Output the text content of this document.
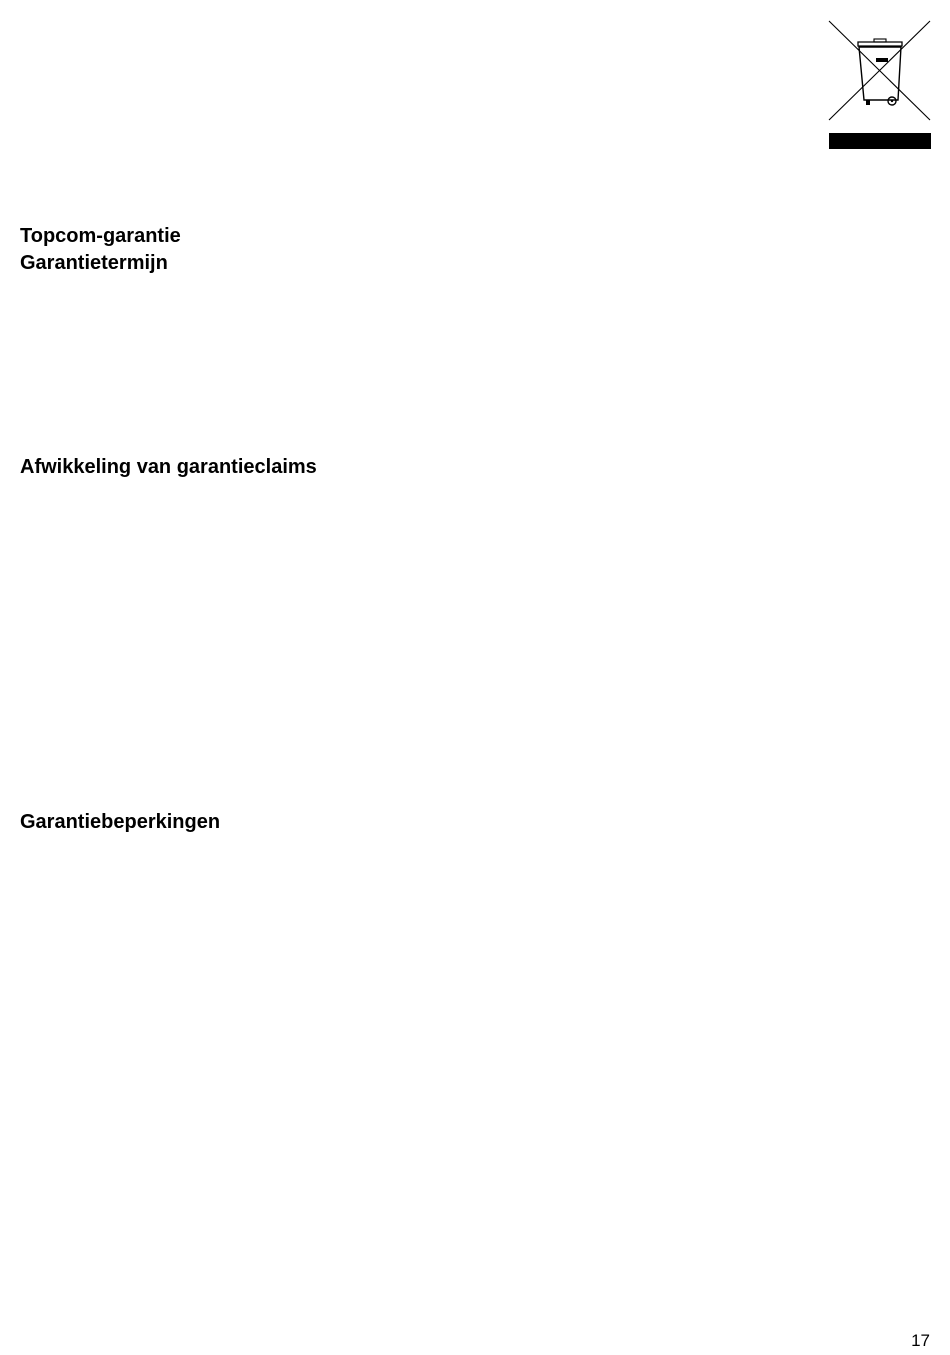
Topcom-garantie
Garantietermijn
Afwikkeling van garantieclaims
Garantiebeperkingen
17
